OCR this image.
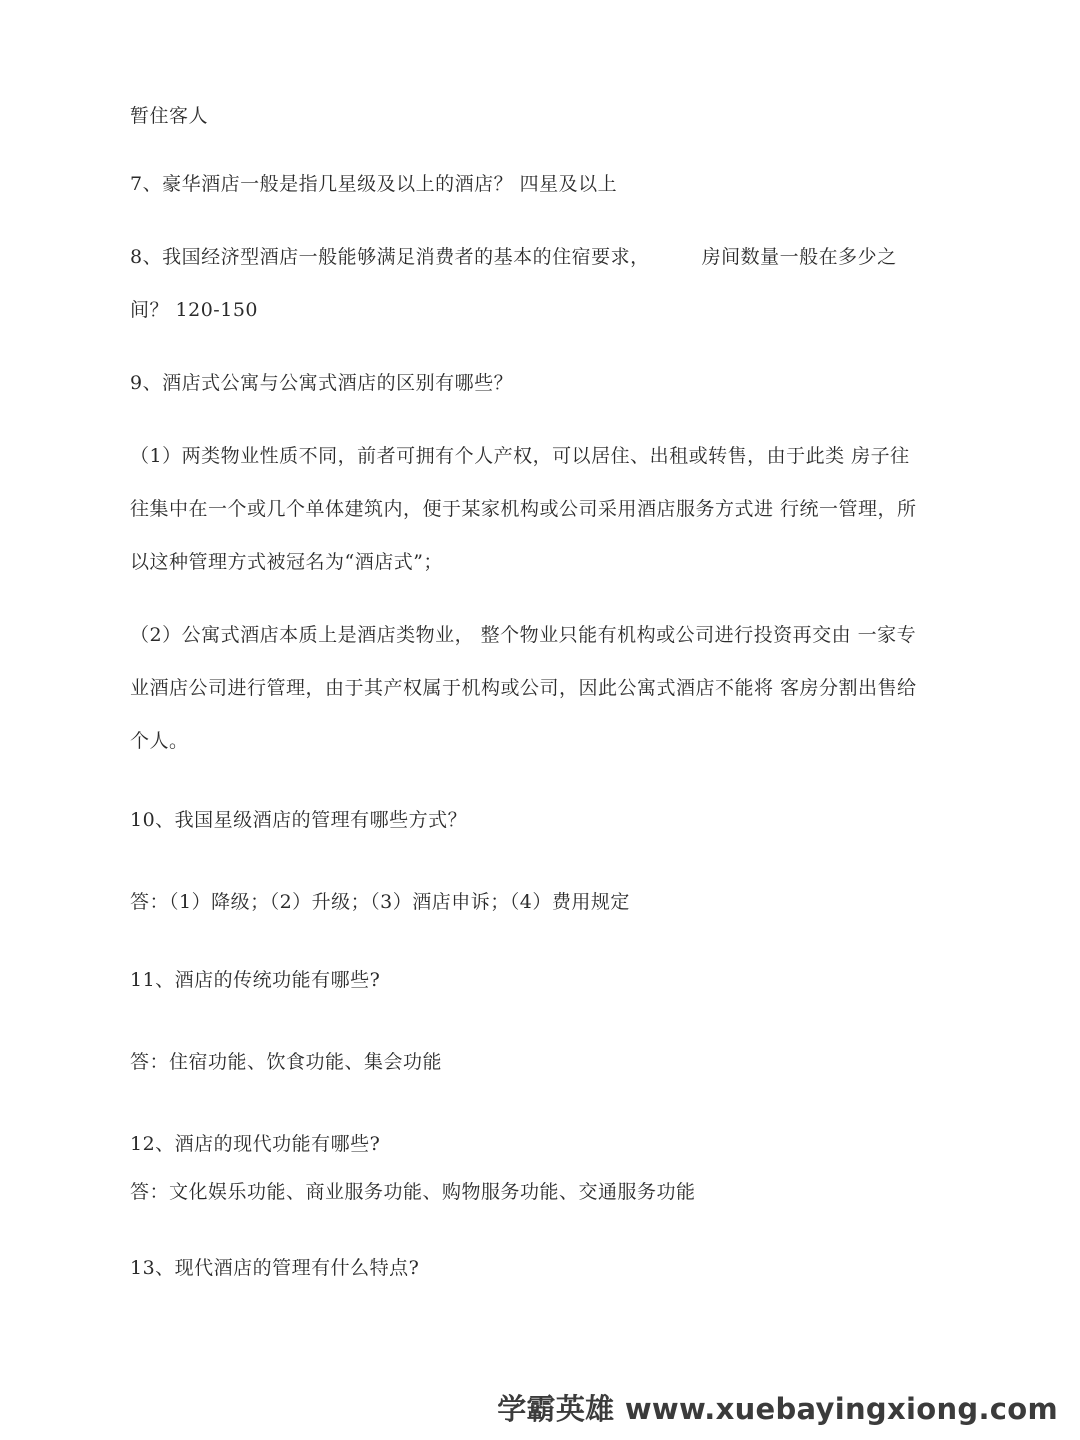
暂住客人
7、豪华酒店一般是指几星级及以上的酒店？ 四星及以上
8、我国经济型酒店一般能够满足消费者的基本的住宿要求，	房间数量一般在多少之
间？ 120-150
9、酒店式公寓与公寓式酒店的区别有哪些？
（1）两类物业性质不同，前者可拥有个人产权，可以居住、出租或转售，由于此类 房子往
往集中在一个或几个单体建筑内，便于某家机构或公司采用酒店服务方式进 行统一管理，所
以这种管理方式被冠名为“酒店式”；
（2）公寓式酒店本质上是酒店类物业， 整个物业只能有机构或公司进行投资再交由 一家专
业酒店公司进行管理，由于其产权属于机构或公司，因此公寓式酒店不能将 客房分割出售给
个人。
10、我国星级酒店的管理有哪些方式？
答：（1）降级；（2）升级；（3）酒店申诉；（4）费用规定
11、酒店的传统功能有哪些?
答：住宿功能、饮食功能、集会功能
12、酒店的现代功能有哪些?
答：文化娱乐功能、商业服务功能、购物服务功能、交通服务功能
13、现代酒店的管理有什么特点?
学霸英雄 www.xuebayingxiong.com
